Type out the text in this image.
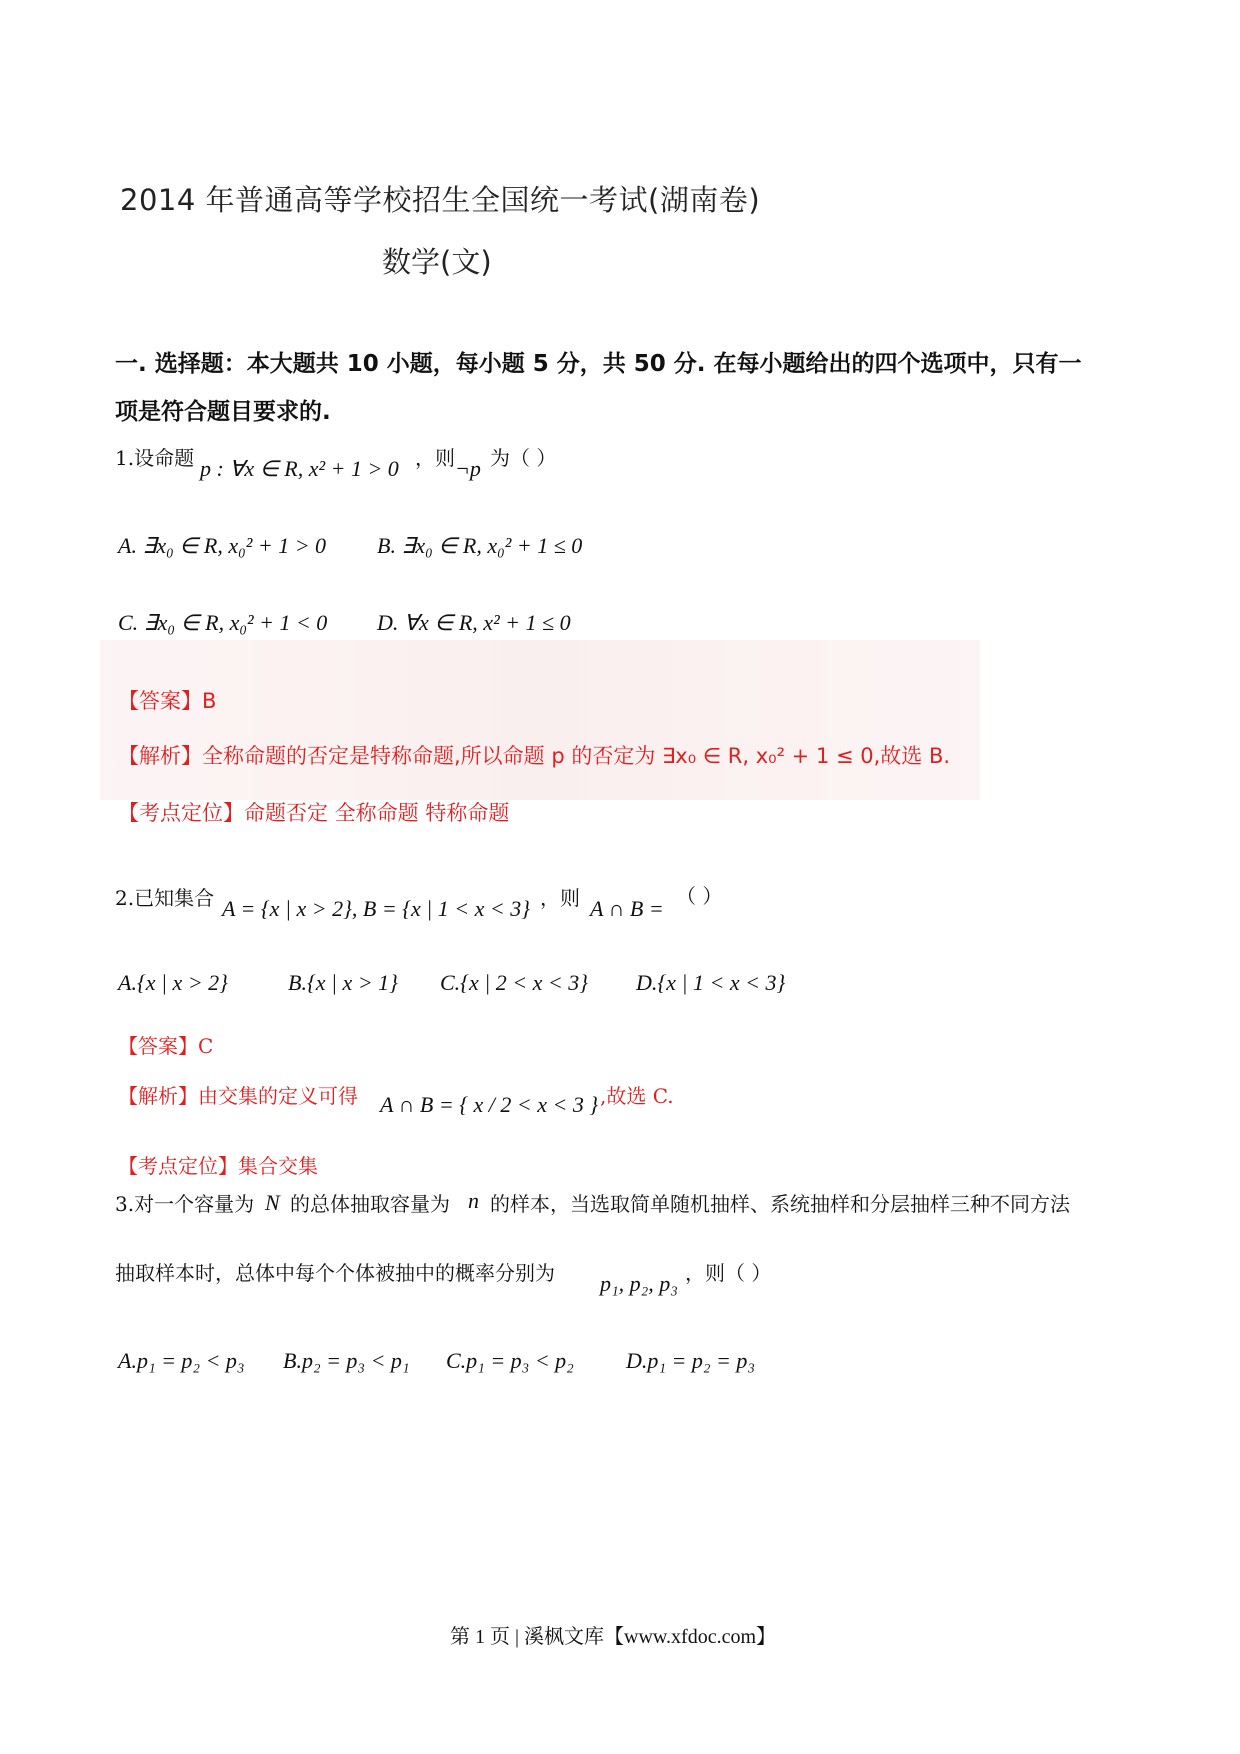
2014 年普通高等学校招生全国统一考试(湖南卷)
数学(文)
一. 选择题：本大题共 10 小题，每小题 5 分，共 50 分. 在每小题给出的四个选项中，只有一
项是符合题目要求的.
1.设命题 p : ∀x ∈ R, x² + 1 > 0 ，则 ¬p 为（ ）
A. ∃x₀ ∈ R, x₀² + 1 > 0 B. ∃x₀ ∈ R, x₀² + 1 ≤ 0
C. ∃x₀ ∈ R, x₀² + 1 < 0 D. ∀x ∈ R, x² + 1 ≤ 0
【答案】B
【解析】全称命题的否定是特称命题,所以命题 p 的否定为 ∃x₀ ∈ R, x₀² + 1 ≤ 0,故选 B.
【考点定位】命题否定 全称命题 特称命题
2.已知集合 A = {x | x > 2}, B = {x | 1 < x < 3} ，则 A ∩ B = （ ）
A.{x | x > 2}	B.{x | x > 1} C.{x | 2 < x < 3} D.{x | 1 < x < 3}
【答案】C
【解析】由交集的定义可得 A ∩ B = { x / 2 < x < 3 } ,故选 C.
【考点定位】集合交集
3.对一个容量为 N 的总体抽取容量为 n 的样本，当选取简单随机抽样、系统抽样和分层抽样三种不同方法
抽取样本时，总体中每个个体被抽中的概率分别为 p₁, p₂, p₃ ，则（ ）
A.p₁ = p₂ < p₃ B.p₂ = p₃ < p₁ C.p₁ = p₃ < p₂ D.p₁ = p₂ = p₃
第 1 页 | 溪枫文库【www.xfdoc.com】
